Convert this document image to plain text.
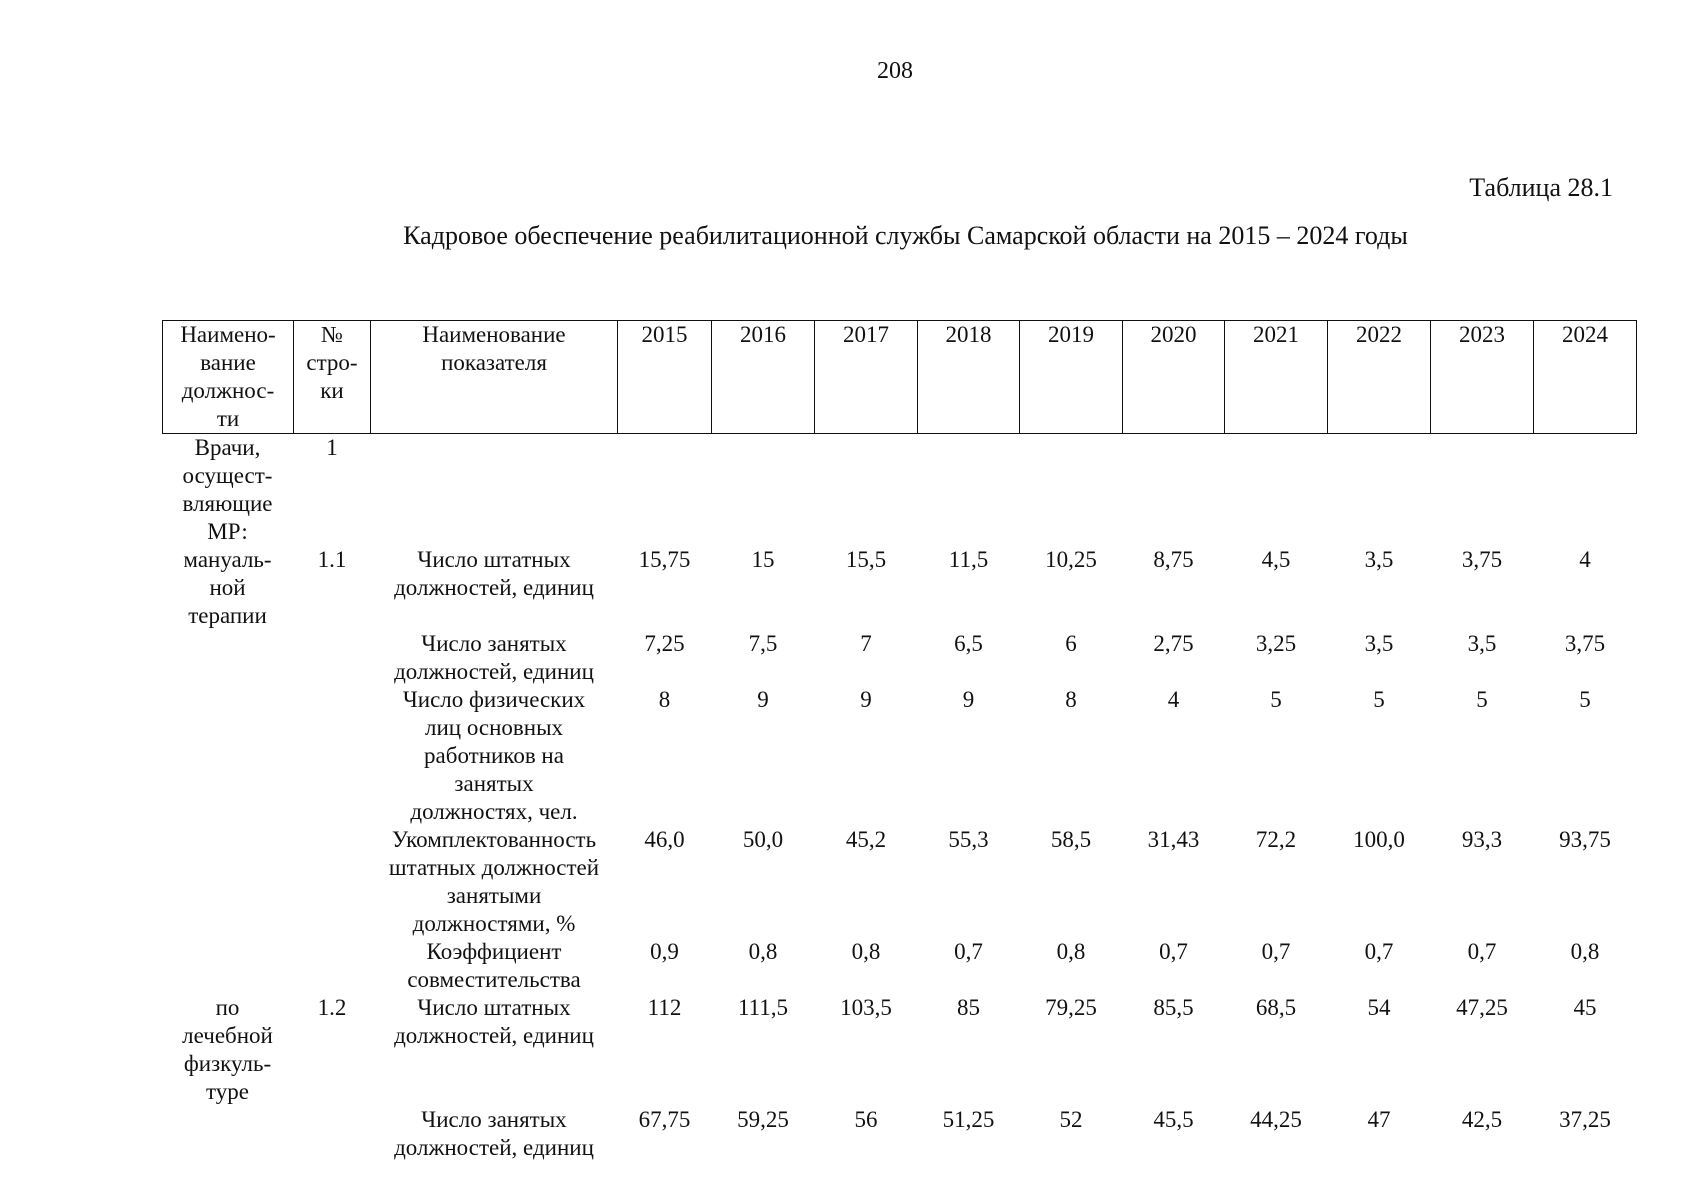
208
Таблица 28.1
Кадровое обеспечение реабилитационной службы Самарской области на 2015 – 2024 годы
Наимено-
вание
должнос-
ти	№
стро-
ки	Наименование
показателя	2015	2016	2017	2018	2019	2020	2021	2022	2023	2024
Врачи,
осущест-
вляющие
МР:	1											
мануаль-
ной
терапии	1.1	Число штатных
должностей, единиц	15,75	15	15,5	11,5	10,25	8,75	4,5	3,5	3,75	4
		Число занятых
должностей, единиц	7,25	7,5	7	6,5	6	2,75	3,25	3,5	3,5	3,75
		Число физических
лиц основных
работников на
занятых
должностях, чел.	8	9	9	9	8	4	5	5	5	5
		Укомплектованность
штатных должностей
занятыми
должностями, %	46,0	50,0	45,2	55,3	58,5	31,43	72,2	100,0	93,3	93,75
		Коэффициент
совместительства	0,9	0,8	0,8	0,7	0,8	0,7	0,7	0,7	0,7	0,8
по
лечебной
физкуль-
туре	1.2	Число штатных
должностей, единиц	112	111,5	103,5	85	79,25	85,5	68,5	54	47,25	45
		Число занятых
должностей, единиц	67,75	59,25	56	51,25	52	45,5	44,25	47	42,5	37,25
